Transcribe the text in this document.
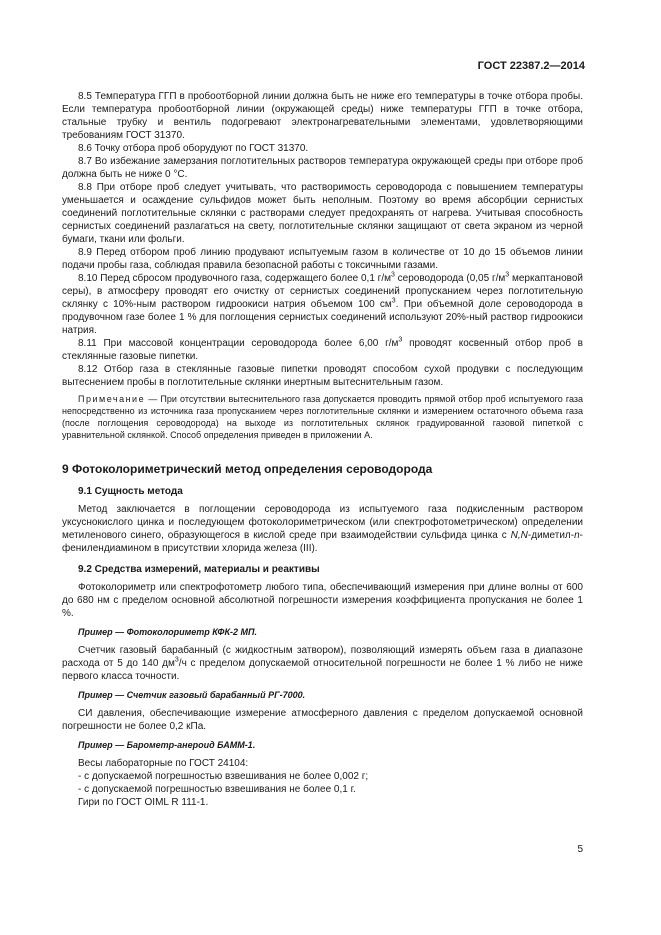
ГОСТ 22387.2—2014

8.5 Температура ГГП в пробоотборной линии должна быть не ниже его температуры в точке отбора пробы. Если температура пробоотборной линии (окружающей среды) ниже температуры ГГП в точке отбора, стальные трубку и вентиль подогревают электронагревательными элементами, удовлетворяющими требованиям ГОСТ 31370.

8.6 Точку отбора проб оборудуют по ГОСТ 31370.

8.7 Во избежание замерзания поглотительных растворов температура окружающей среды при отборе проб должна быть не ниже 0 °С.

8.8 При отборе проб следует учитывать, что растворимость сероводорода с повышением температуры уменьшается и осаждение сульфидов может быть неполным. Поэтому во время абсорбции сернистых соединений поглотительные склянки с растворами следует предохранять от нагрева. Учитывая способность сернистых соединений разлагаться на свету, поглотительные склянки защищают от света экраном из черной бумаги, ткани или фольги.

8.9 Перед отбором проб линию продувают испытуемым газом в количестве от 10 до 15 объемов линии подачи пробы газа, соблюдая правила безопасной работы с токсичными газами.

8.10 Перед сбросом продувочного газа, содержащего более 0,1 $г/м^3$ сероводорода (0,05 $г/м^3$ меркаптановой серы), в атмосферу проводят его очистку от сернистых соединений пропусканием через поглотительную склянку с 10%-ным раствором гидроокиси натрия объемом 100 $см^3$. При объемной доле сероводорода в продувочном газе более 1 % для поглощения сернистых соединений используют 20%-ный раствор гидроокиси натрия.

8.11 При массовой концентрации сероводорода более 6,00 $г/м^3$ проводят косвенный отбор проб в стеклянные газовые пипетки.

8.12 Отбор газа в стеклянные газовые пипетки проводят способом сухой продувки с последующим вытеснением пробы в поглотительные склянки инертным вытеснительным газом.

Примечание — При отсутствии вытеснительного газа допускается проводить прямой отбор проб испытуемого газа непосредственно из источника газа пропусканием через поглотительные склянки и измерением остаточного объема газа (после поглощения сероводорода) на выходе из поглотительных склянок градуированной газовой пипеткой с уравнительной склянкой. Способ определения приведен в приложении А.

9 Фотоколориметрический метод определения сероводорода
9.1 Сущность метода

Метод заключается в поглощении сероводорода из испытуемого газа подкисленным раствором уксуснокислого цинка и последующем фотоколориметрическом (или спектрофотометрическом) определении метиленового синего, образующегося в кислой среде при взаимодействии сульфида цинка с N,N-диметил-n-фенилендиамином в присутствии хлорида железа (III).

9.2 Средства измерений, материалы и реактивы

Фотоколориметр или спектрофотометр любого типа, обеспечивающий измерения при длине волны от 600 до 680 нм с пределом основной абсолютной погрешности измерения коэффициента пропускания не более 1 %.

Пример — Фотоколориметр КФК-2 МП.

Счетчик газовый барабанный (с жидкостным затвором), позволяющий измерять объем газа в диапазоне расхода от 5 до 140 $дм^3/ч$ с пределом допускаемой относительной погрешности не более 1 % либо не ниже первого класса точности.

Пример — Счетчик газовый барабанный РГ-7000.

СИ давления, обеспечивающие измерение атмосферного давления с пределом допускаемой основной погрешности не более 0,2 кПа.

Пример — Барометр-анероид БАММ-1.
Весы лабораторные по ГОСТ 24104:
- с допускаемой погрешностью взвешивания не более 0,002 г;
- с допускаемой погрешностью взвешивания не более 0,1 г.
Гири по ГОСТ OIML R 111-1.
5
